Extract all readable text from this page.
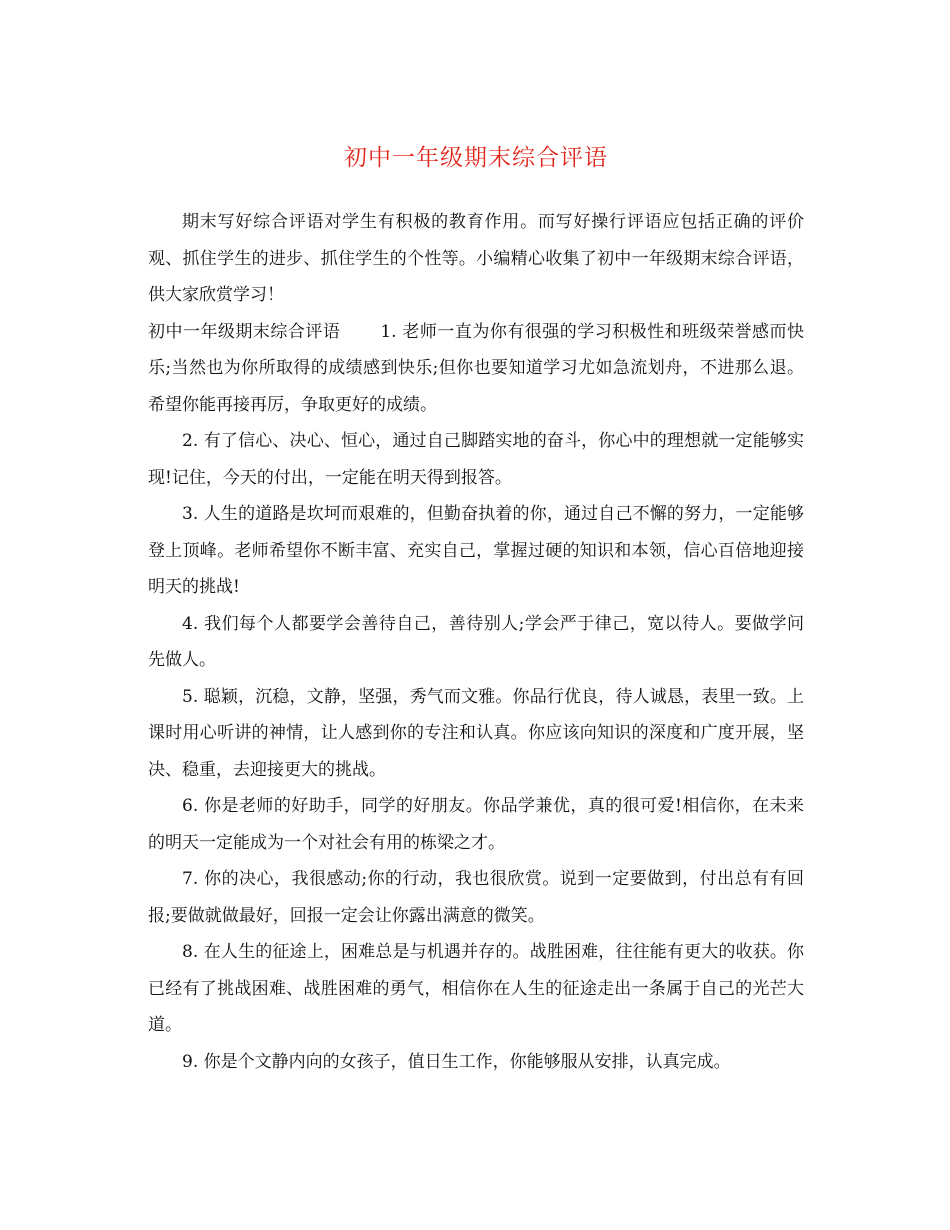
初中一年级期末综合评语

期末写好综合评语对学生有积极的教育作用。而写好操行评语应包括正确的评价观、抓住学生的进步、抓住学生的个性等。小编精心收集了初中一年级期末综合评语，供大家欣赏学习！

初中一年级期末综合评语 1. 老师一直为你有很强的学习积极性和班级荣誉感而快乐;当然也为你所取得的成绩感到快乐;但你也要知道学习尤如急流划舟，不进那么退。希望你能再接再厉，争取更好的成绩。

2. 有了信心、决心、恒心，通过自己脚踏实地的奋斗，你心中的理想就一定能够实现!记住，今天的付出，一定能在明天得到报答。

3. 人生的道路是坎坷而艰难的，但勤奋执着的你，通过自己不懈的努力，一定能够登上顶峰。老师希望你不断丰富、充实自己，掌握过硬的知识和本领，信心百倍地迎接明天的挑战!

4. 我们每个人都要学会善待自己，善待别人;学会严于律己，宽以待人。要做学问先做人。

5. 聪颖，沉稳，文静，坚强，秀气而文雅。你品行优良，待人诚恳，表里一致。上课时用心听讲的神情，让人感到你的专注和认真。你应该向知识的深度和广度开展，坚决、稳重，去迎接更大的挑战。

6. 你是老师的好助手，同学的好朋友。你品学兼优，真的很可爱!相信你，在未来的明天一定能成为一个对社会有用的栋梁之才。

7. 你的决心，我很感动;你的行动，我也很欣赏。说到一定要做到，付出总有有回报;要做就做最好，回报一定会让你露出满意的微笑。

8. 在人生的征途上，困难总是与机遇并存的。战胜困难，往往能有更大的收获。你已经有了挑战困难、战胜困难的勇气，相信你在人生的征途走出一条属于自己的光芒大道。

9. 你是个文静内向的女孩子，值日生工作，你能够服从安排，认真完成。
